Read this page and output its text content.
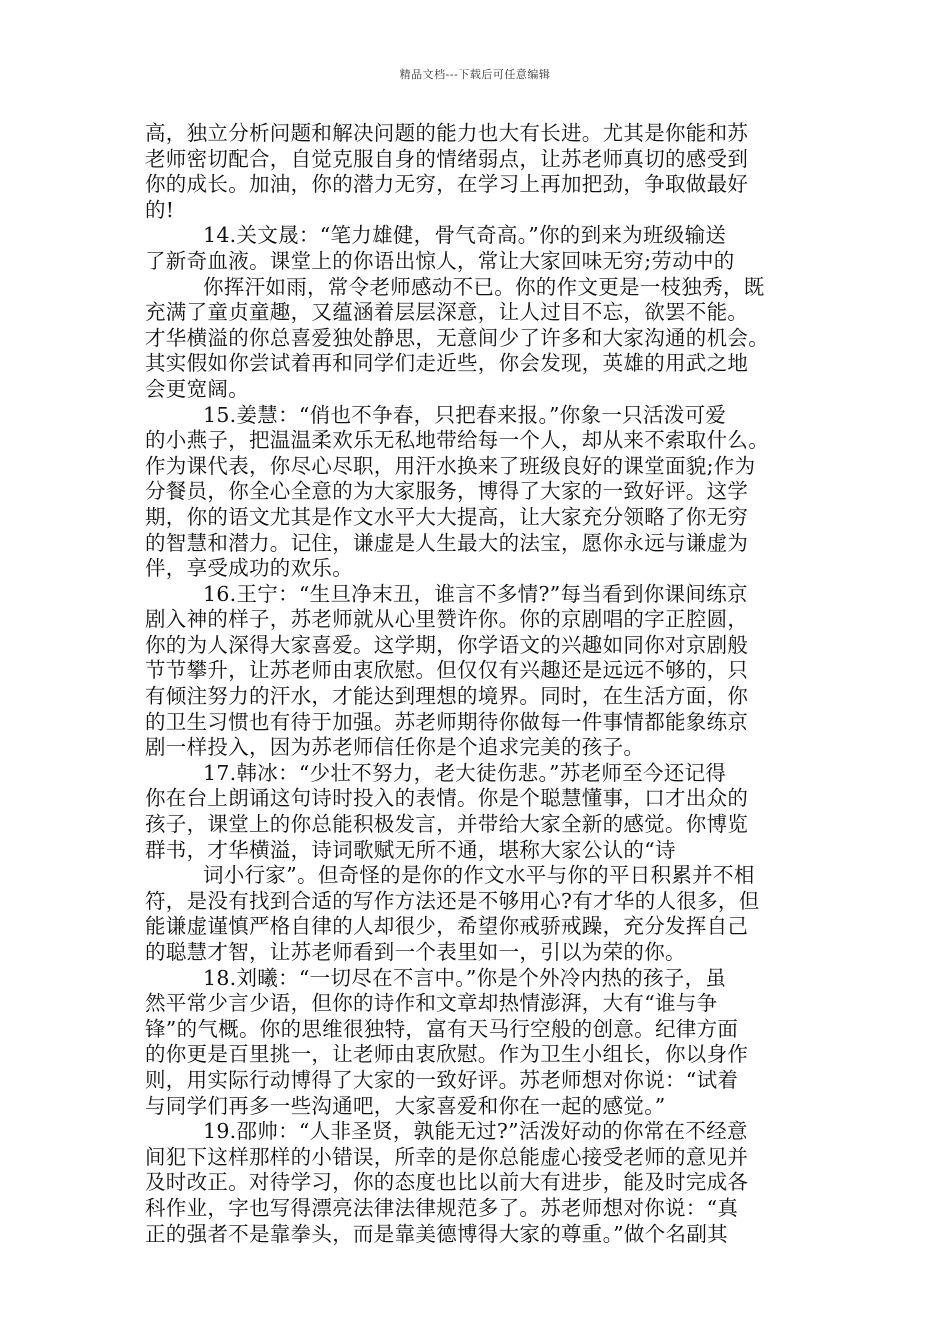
精品文档---下载后可任意编辑
高，独立分析问题和解决问题的能力也大有长进。尤其是你能和苏
老师密切配合，自觉克服自身的情绪弱点，让苏老师真切的感受到
你的成长。加油，你的潜力无穷，在学习上再加把劲，争取做最好
的!
14.关文晟：“笔力雄健，骨气奇高。”你的到来为班级输送
了新奇血液。课堂上的你语出惊人，常让大家回味无穷;劳动中的
你挥汗如雨，常令老师感动不已。你的作文更是一枝独秀，既
充满了童贞童趣，又蕴涵着层层深意，让人过目不忘，欲罢不能。
才华横溢的你总喜爱独处静思，无意间少了许多和大家沟通的机会。
其实假如你尝试着再和同学们走近些，你会发现，英雄的用武之地
会更宽阔。
15.姜慧：“俏也不争春，只把春来报。”你象一只活泼可爱
的小燕子，把温温柔欢乐无私地带给每一个人，却从来不索取什么。
作为课代表，你尽心尽职，用汗水换来了班级良好的课堂面貌;作为
分餐员，你全心全意的为大家服务，博得了大家的一致好评。这学
期，你的语文尤其是作文水平大大提高，让大家充分领略了你无穷
的智慧和潜力。记住，谦虚是人生最大的法宝，愿你永远与谦虚为
伴，享受成功的欢乐。
16.王宁：“生旦净末丑，谁言不多情?”每当看到你课间练京
剧入神的样子，苏老师就从心里赞许你。你的京剧唱的字正腔圆，
你的为人深得大家喜爱。这学期，你学语文的兴趣如同你对京剧般
节节攀升，让苏老师由衷欣慰。但仅仅有兴趣还是远远不够的，只
有倾注努力的汗水，才能达到理想的境界。同时，在生活方面，你
的卫生习惯也有待于加强。苏老师期待你做每一件事情都能象练京
剧一样投入，因为苏老师信任你是个追求完美的孩子。
17.韩冰：“少壮不努力，老大徒伤悲。”苏老师至今还记得
你在台上朗诵这句诗时投入的表情。你是个聪慧懂事，口才出众的
孩子，课堂上的你总能积极发言，并带给大家全新的感觉。你博览
群书，才华横溢，诗词歌赋无所不通，堪称大家公认的“诗
词小行家”。但奇怪的是你的作文水平与你的平日积累并不相
符，是没有找到合适的写作方法还是不够用心?有才华的人很多，但
能谦虚谨慎严格自律的人却很少，希望你戒骄戒躁，充分发挥自己
的聪慧才智，让苏老师看到一个表里如一，引以为荣的你。
18.刘曦：“一切尽在不言中。”你是个外冷内热的孩子，虽
然平常少言少语，但你的诗作和文章却热情澎湃，大有“谁与争
锋”的气概。你的思维很独特，富有天马行空般的创意。纪律方面
的你更是百里挑一，让老师由衷欣慰。作为卫生小组长，你以身作
则，用实际行动博得了大家的一致好评。苏老师想对你说：“试着
与同学们再多一些沟通吧，大家喜爱和你在一起的感觉。”
19.邵帅：“人非圣贤，孰能无过?”活泼好动的你常在不经意
间犯下这样那样的小错误，所幸的是你总能虚心接受老师的意见并
及时改正。对待学习，你的态度也比以前大有进步，能及时完成各
科作业，字也写得漂亮法律法律规范多了。苏老师想对你说：“真
正的强者不是靠拳头，而是靠美德博得大家的尊重。”做个名副其
